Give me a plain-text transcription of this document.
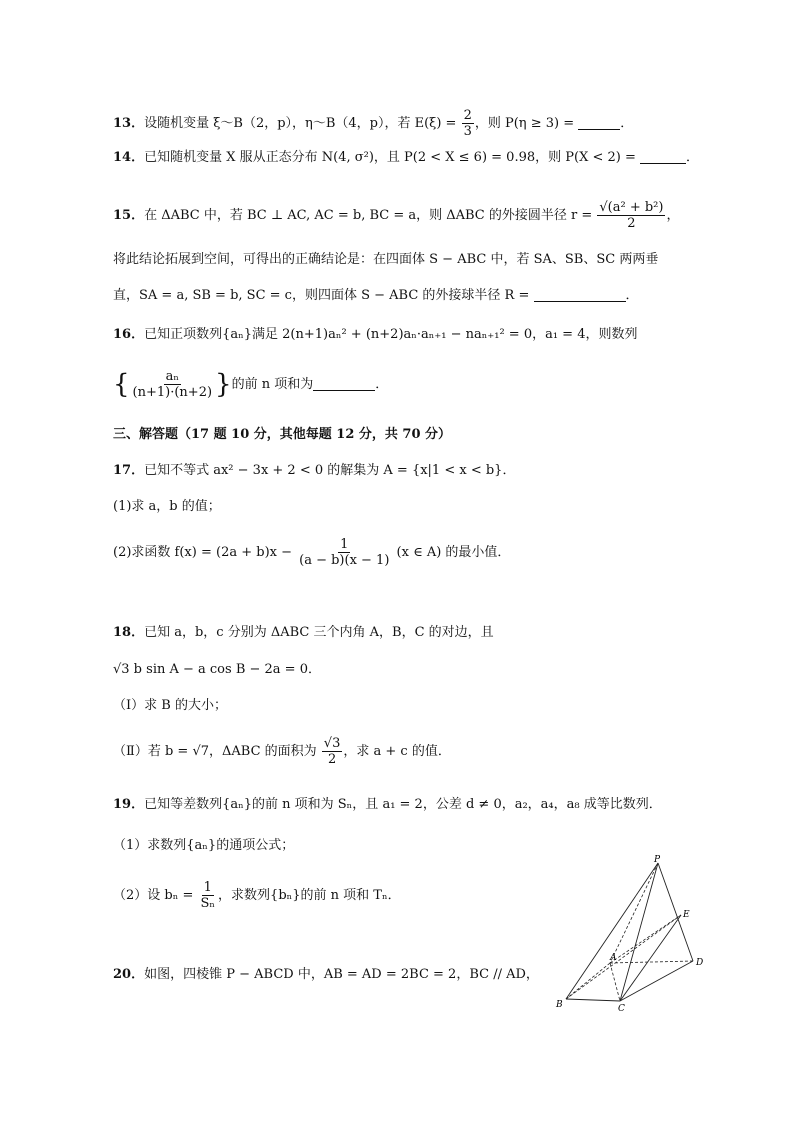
13．设随机变量 ξ～B（2，p），η～B（4，p），若 $E(\xi) = \frac{2}{3}$ ，则 P(η ≥ 3) =	．
14．已知随机变量 X 服从正态分布 N(4, σ²)，且 P(2 < X ≤ 6) = 0.98，则 P(X < 2) =	．
15．在 ΔABC 中，若 BC ⊥ AC, AC = b, BC = a，则 ΔABC 的外接圆半径 $r = \frac{\text{√(a² + b²)}}{2}$ ，
将此结论拓展到空间，可得出的正确结论是：在四面体 S − ABC 中，若 SA、SB、SC 两两垂
直，SA = a, SB = b, SC = c，则四面体 S − ABC 的外接球半径 R =	．
16．已知正项数列{aₙ}满足 2(n+1)aₙ² + (n+2)aₙ·aₙ₊₁ − naₙ₊₁² = 0，a₁ = 4，则数列
{ $\frac{\text{aₙ}}{(n+1)\cdot(n+2)}$ }的前 n 项和为	．
三、解答题（17 题 10 分，其他每题 12 分，共 70 分）
17．已知不等式 ax² − 3x + 2 < 0 的解集为 A = {x|1 < x < b}．
(1)求 a，b 的值；
(2)求函数 $f(x) = (2a + b)x - \frac{1}{(a - b)(x - 1)} (x$ ∈ A) 的最小值．
18．已知 a，b，c 分别为 ΔABC 三个内角 A，B，C 的对边，且
√3 b sin A − a cos B − 2a = 0．
（Ⅰ）求 B 的大小；
（Ⅱ）若 b = √7，ΔABC 的面积为 $\frac{√3}{2}$ ，求 a + c 的值．
19．已知等差数列{aₙ}的前 n 项和为 Sₙ，且 a₁ = 2，公差 d ≠ 0，a₂，a₄，a₈ 成等比数列．
（1）求数列{aₙ}的通项公式；
（2）设 $b_n = \frac{1}{\text{Sₙ}}$ ，求数列{bₙ}的前 n 项和 Tₙ．
20．如图，四棱锥 P − ABCD 中，AB = AD = 2BC = 2，BC // AD，
P
E
A	D
B	C
